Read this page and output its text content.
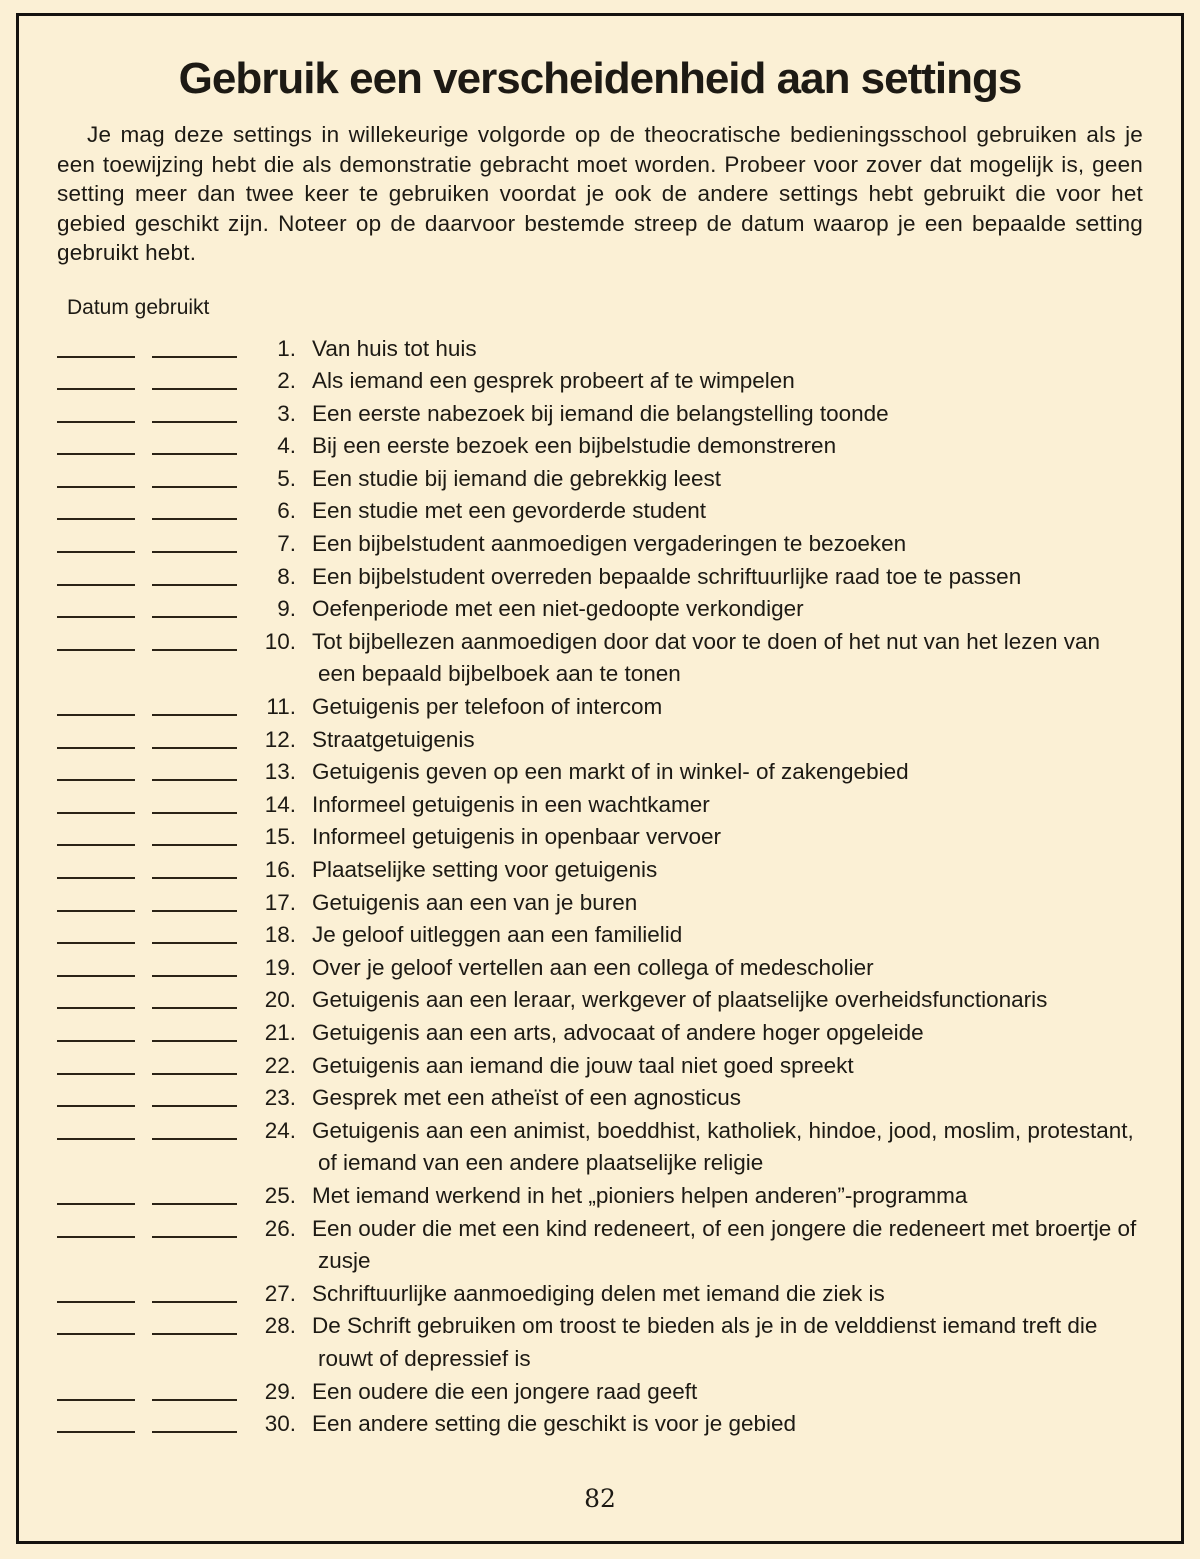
Gebruik een verscheidenheid aan settings

Je mag deze settings in willekeurige volgorde op de theocratische bedieningsschool gebruiken als je een toewijzing hebt die als demonstratie gebracht moet worden. Probeer voor zover dat mogelijk is, geen setting meer dan twee keer te gebruiken voordat je ook de andere settings hebt gebruikt die voor het gebied geschikt zijn. Noteer op de daarvoor bestemde streep de datum waarop je een bepaalde setting gebruikt hebt.

Datum gebruikt
1. Van huis tot huis
2. Als iemand een gesprek probeert af te wimpelen
3. Een eerste nabezoek bij iemand die belangstelling toonde
4. Bij een eerste bezoek een bijbelstudie demonstreren
5. Een studie bij iemand die gebrekkig leest
6. Een studie met een gevorderde student
7. Een bijbelstudent aanmoedigen vergaderingen te bezoeken
8. Een bijbelstudent overreden bepaalde schriftuurlijke raad toe te passen
9. Oefenperiode met een niet-gedoopte verkondiger
10. Tot bijbellezen aanmoedigen door dat voor te doen of het nut van het lezen van een bepaald bijbelboek aan te tonen
11. Getuigenis per telefoon of intercom
12. Straatgetuigenis
13. Getuigenis geven op een markt of in winkel- of zakengebied
14. Informeel getuigenis in een wachtkamer
15. Informeel getuigenis in openbaar vervoer
16. Plaatselijke setting voor getuigenis
17. Getuigenis aan een van je buren
18. Je geloof uitleggen aan een familielid
19. Over je geloof vertellen aan een collega of medescholier
20. Getuigenis aan een leraar, werkgever of plaatselijke overheidsfunctionaris
21. Getuigenis aan een arts, advocaat of andere hoger opgeleide
22. Getuigenis aan iemand die jouw taal niet goed spreekt
23. Gesprek met een atheïst of een agnosticus
24. Getuigenis aan een animist, boeddhist, katholiek, hindoe, jood, moslim, protestant, of iemand van een andere plaatselijke religie
25. Met iemand werkend in het „pioniers helpen anderen”-programma
26. Een ouder die met een kind redeneert, of een jongere die redeneert met broertje of zusje
27. Schriftuurlijke aanmoediging delen met iemand die ziek is
28. De Schrift gebruiken om troost te bieden als je in de velddienst iemand treft die rouwt of depressief is
29. Een oudere die een jongere raad geeft
30. Een andere setting die geschikt is voor je gebied
82
